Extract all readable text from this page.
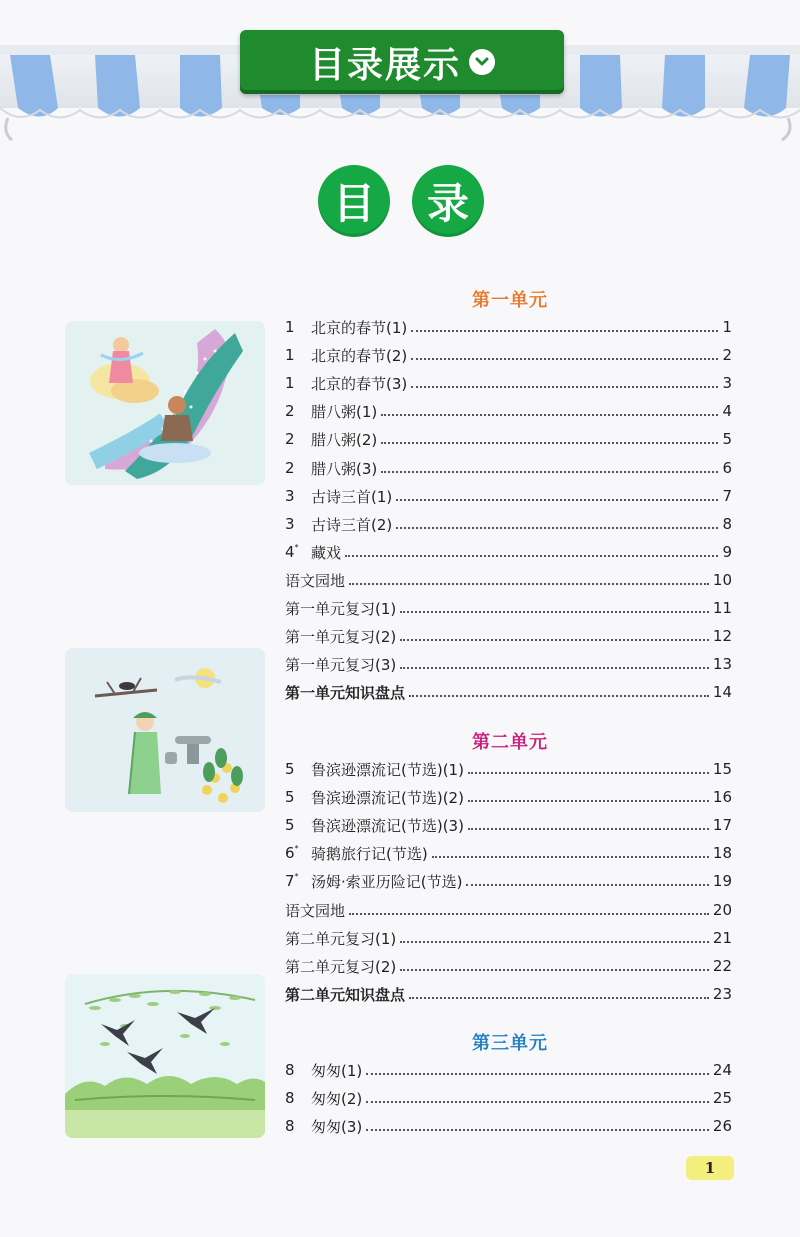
目录展示
目	录
第一单元
第二单元
第三单元
1	北京的春节(1)	1
1	北京的春节(2)	2
1	北京的春节(3)	3
2	腊八粥(1)	4
2	腊八粥(2)	5
2	腊八粥(3)	6
3	古诗三首(1)	7
3	古诗三首(2)	8
4* 藏戏	9
语文园地	10
第一单元复习(1)	11
第一单元复习(2)	12
第一单元复习(3)	13
第一单元知识盘点	14
5	鲁滨逊漂流记(节选)(1)	15
5	鲁滨逊漂流记(节选)(2)	16
5	鲁滨逊漂流记(节选)(3)	17
6* 骑鹅旅行记(节选)	18
7* 汤姆·索亚历险记(节选)	19
语文园地	20
第二单元复习(1)	21
第二单元复习(2)	22
第二单元知识盘点	23
8	匆匆(1)	24
8	匆匆(2)	25
8	匆匆(3)	26
1
